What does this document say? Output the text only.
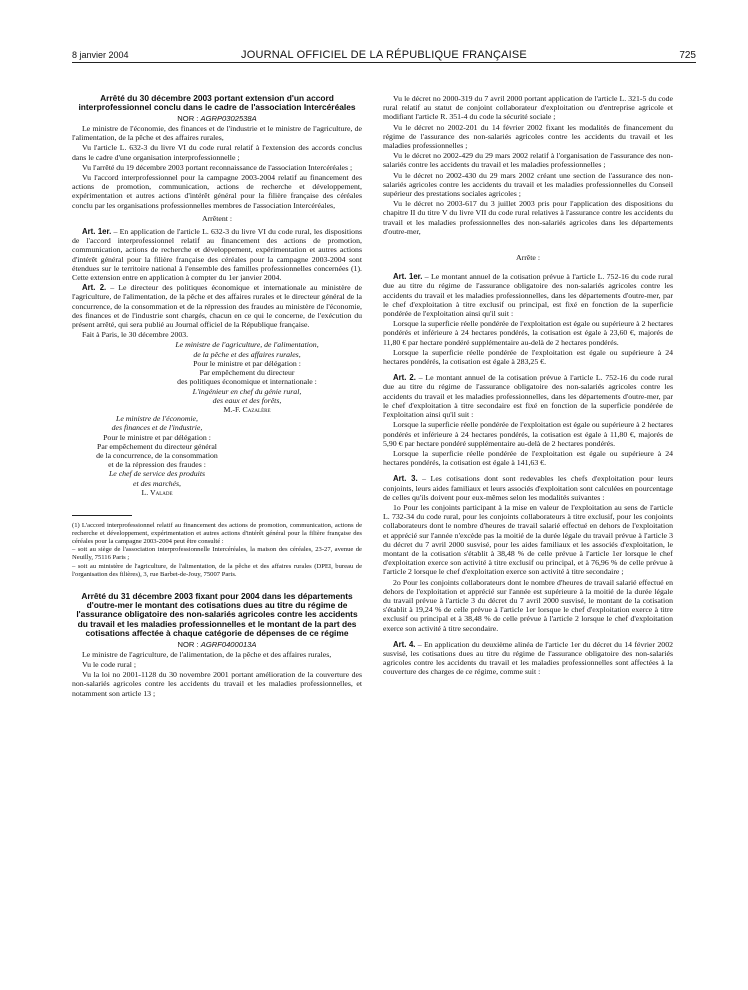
8 janvier 2004	JOURNAL OFFICIEL DE LA RÉPUBLIQUE FRANÇAISE	725

Arrêté du 30 décembre 2003 portant extension d'un accord interprofessionnel conclu dans le cadre de l'association Intercéréales

NOR : AGRP0302538A

Le ministre de l'économie, des finances et de l'industrie et le ministre de l'agriculture, de l'alimentation, de la pêche et des affaires rurales,

Vu l'article L. 632-3 du livre VI du code rural relatif à l'extension des accords conclus dans le cadre d'une organisation interprofessionnelle ;

Vu l'arrêté du 19 décembre 2003 portant reconnaissance de l'association Intercéréales ;

Vu l'accord interprofessionnel pour la campagne 2003-2004 relatif au financement des actions de promotion, communication, actions de recherche et développement, expérimentation et autres actions d'intérêt général pour la filière française des céréales conclu par les organisations professionnelles membres de l'association Intercéréales,

Arrêtent :

Art. 1er. – En application de l'article L. 632-3 du livre VI du code rural, les dispositions de l'accord interprofessionnel relatif au financement des actions de promotion, communication, actions de recherche et développement, expérimentation et autres actions d'intérêt général pour la filière française des céréales pour la campagne 2003-2004 sont étendues sur le territoire national à l'ensemble des familles professionnelles concernées (1). Cette extension entre en application à compter du 1er janvier 2004.

Art. 2. – Le directeur des politiques économique et internationale au ministère de l'agriculture, de l'alimentation, de la pêche et des affaires rurales et le directeur général de la concurrence, de la consommation et de la répression des fraudes au ministère de l'économie, des finances et de l'industrie sont chargés, chacun en ce qui le concerne, de l'exécution du présent arrêté, qui sera publié au Journal officiel de la République française.

Fait à Paris, le 30 décembre 2003.

Le ministre de l'agriculture, de l'alimentation,

de la pêche et des affaires rurales,

Pour le ministre et par délégation :

Par empêchement du directeur

des politiques économique et internationale :

L'ingénieur en chef du génie rural,

des eaux et des forêts,

M.-F. Cazalère

Le ministre de l'économie,

des finances et de l'industrie,

Pour le ministre et par délégation :

Par empêchement du directeur général

de la concurrence, de la consommation

et de la répression des fraudes :

Le chef de service des produits

et des marchés,

L. Valade

(1) L'accord interprofessionnel relatif au financement des actions de promotion, communication, actions de recherche et développement, expérimentation et autres actions d'intérêt général pour la filière française des céréales pour la campagne 2003-2004 peut être consulté :

– soit au siège de l'association interprofessionnelle Intercéréales, la maison des céréales, 23-27, avenue de Neuilly, 75116 Paris ;

– soit au ministère de l'agriculture, de l'alimentation, de la pêche et des affaires rurales (DPEI, bureau de l'organisation des filières), 3, rue Barbet-de-Jouy, 75007 Paris.

Arrêté du 31 décembre 2003 fixant pour 2004 dans les départements d'outre-mer le montant des cotisations dues au titre du régime de l'assurance obligatoire des non-salariés agricoles contre les accidents du travail et les maladies professionnelles et le montant de la part des cotisations affectée à chaque catégorie de dépenses de ce régime

NOR : AGRF0400013A

Le ministre de l'agriculture, de l'alimentation, de la pêche et des affaires rurales,

Vu le code rural ;

Vu la loi no 2001-1128 du 30 novembre 2001 portant amélioration de la couverture des non-salariés agricoles contre les accidents du travail et les maladies professionnelles, et notamment son article 13 ;

Vu le décret no 2000-319 du 7 avril 2000 portant application de l'article L. 321-5 du code rural relatif au statut de conjoint collaborateur d'exploitation ou d'entreprise agricole et modifiant l'article R. 351-4 du code la sécurité sociale ;

Vu le décret no 2002-201 du 14 février 2002 fixant les modalités de financement du régime de l'assurance des non-salariés agricoles contre les accidents du travail et les maladies professionnelles ;

Vu le décret no 2002-429 du 29 mars 2002 relatif à l'organisation de l'assurance des non-salariés contre les accidents du travail et les maladies professionnelles ;

Vu le décret no 2002-430 du 29 mars 2002 créant une section de l'assurance des non-salariés agricoles contre les accidents du travail et les maladies professionnelles du Conseil supérieur des prestations sociales agricoles ;

Vu le décret no 2003-617 du 3 juillet 2003 pris pour l'application des dispositions du chapitre II du titre V du livre VII du code rural relatives à l'assurance contre les accidents du travail et les maladies professionnelles des non-salariés agricoles dans les départements d'outre-mer,

Arrête :

Art. 1er. – Le montant annuel de la cotisation prévue à l'article L. 752-16 du code rural due au titre du régime de l'assurance obligatoire des non-salariés agricoles contre les accidents du travail et les maladies professionnelles, dans les départements d'outre-mer, par le chef d'exploitation à titre exclusif ou principal, est fixé en fonction de la superficie pondérée de l'exploitation ainsi qu'il suit :

Lorsque la superficie réelle pondérée de l'exploitation est égale ou supérieure à 2 hectares pondérés et inférieure à 24 hectares pondérés, la cotisation est égale à 23,60 €, majorés de 11,80 € par hectare pondéré supplémentaire au-delà de 2 hectares pondérés.

Lorsque la superficie réelle pondérée de l'exploitation est égale ou supérieure à 24 hectares pondérés, la cotisation est égale à 283,25 €.

Art. 2. – Le montant annuel de la cotisation prévue à l'article L. 752-16 du code rural due au titre du régime de l'assurance obligatoire des non-salariés agricoles contre les accidents du travail et les maladies professionnelles, dans les départements d'outre-mer, par le chef d'exploitation à titre secondaire est fixé en fonction de la superficie pondérée de l'exploitation ainsi qu'il suit :

Lorsque la superficie réelle pondérée de l'exploitation est égale ou supérieure à 2 hectares pondérés et inférieure à 24 hectares pondérés, la cotisation est égale à 11,80 €, majorés de 5,90 € par hectare pondéré supplémentaire au-delà de 2 hectares pondérés.

Lorsque la superficie réelle pondérée de l'exploitation est égale ou supérieure à 24 hectares pondérés, la cotisation est égale à 141,63 €.

Art. 3. – Les cotisations dont sont redevables les chefs d'exploitation pour leurs conjoints, leurs aides familiaux et leurs associés d'exploitation sont calculées en pourcentage de celles qu'ils doivent pour eux-mêmes selon les modalités suivantes :

1o Pour les conjoints participant à la mise en valeur de l'exploitation au sens de l'article L. 732-34 du code rural, pour les conjoints collaborateurs à titre exclusif, pour les conjoints collaborateurs dont le nombre d'heures de travail salarié effectué en dehors de l'exploitation et apprécié sur l'année n'excède pas la moitié de la durée légale du travail prévue à l'article 3 du décret du 7 avril 2000 susvisé, pour les aides familiaux et les associés d'exploitation, le montant de la cotisation s'établit à 38,48 % de celle prévue à l'article 1er lorsque le chef d'exploitation exerce son activité à titre exclusif ou principal, et à 76,96 % de celle prévue à l'article 2 lorsque le chef d'exploitation exerce son activité à titre secondaire ;

2o Pour les conjoints collaborateurs dont le nombre d'heures de travail salarié effectué en dehors de l'exploitation et apprécié sur l'année est supérieure à la moitié de la durée légale du travail prévue à l'article 3 du décret du 7 avril 2000 susvisé, le montant de la cotisation s'établit à 19,24 % de celle prévue à l'article 1er lorsque le chef d'exploitation exerce à titre exclusif ou principal et à 38,48 % de celle prévue à l'article 2 lorsque le chef d'exploitation exerce son activité à titre secondaire.

Art. 4. – En application du deuxième alinéa de l'article 1er du décret du 14 février 2002 susvisé, les cotisations dues au titre du régime de l'assurance obligatoire des non-salariés agricoles contre les accidents du travail et les maladies professionnelles sont affectées à la couverture des charges de ce régime, comme suit :
